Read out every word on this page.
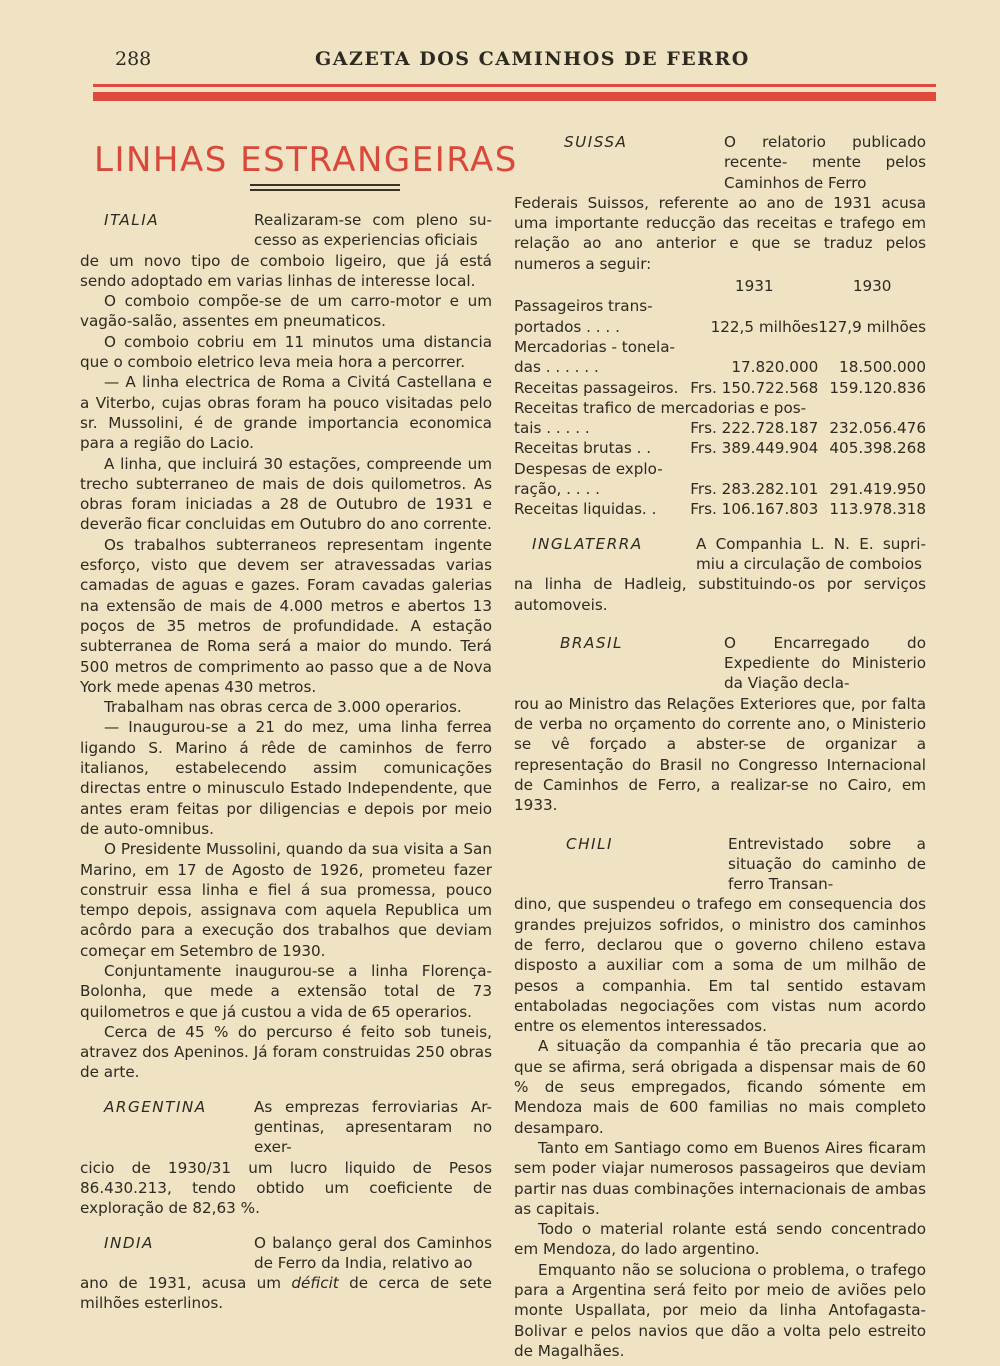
288	GAZETA DOS CAMINHOS DE FERRO
LINHAS ESTRANGEIRAS
ITALIA	Realizaram-se com pleno su- cesso as experiencias oficiais

de um novo tipo de comboio ligeiro, que já está sendo adoptado em varias linhas de interesse local.

O comboio compõe-se de um carro-motor e um vagão-salão, assentes em pneumaticos.

O comboio cobriu em 11 minutos uma distancia que o comboio eletrico leva meia hora a percorrer.

— A linha electrica de Roma a Civitá Castellana e a Viterbo, cujas obras foram ha pouco visitadas pelo sr. Mussolini, é de grande importancia economica para a região do Lacio.

A linha, que incluirá 30 estações, compreende um trecho subterraneo de mais de dois quilometros. As obras foram iniciadas a 28 de Outubro de 1931 e deverão ficar concluidas em Outubro do ano corrente.

Os trabalhos subterraneos representam ingente esforço, visto que devem ser atravessadas varias camadas de aguas e gazes. Foram cavadas galerias na extensão de mais de 4.000 metros e abertos 13 poços de 35 metros de profundidade. A estação subterranea de Roma será a maior do mundo. Terá 500 metros de comprimento ao passo que a de Nova York mede apenas 430 metros.

Trabalham nas obras cerca de 3.000 operarios.

— Inaugurou-se a 21 do mez, uma linha ferrea ligando S. Marino á rêde de caminhos de ferro italianos, estabelecendo assim comunicações directas entre o minusculo Estado Independente, que antes eram feitas por diligencias e depois por meio de auto-omnibus.

O Presidente Mussolini, quando da sua visita a San Marino, em 17 de Agosto de 1926, prometeu fazer construir essa linha e fiel á sua promessa, pouco tempo depois, assignava com aquela Republica um acôrdo para a execução dos trabalhos que deviam começar em Setembro de 1930.

Conjuntamente inaugurou-se a linha Florença-Bolonha, que mede a extensão total de 73 quilometros e que já custou a vida de 65 operarios.

Cerca de 45 % do percurso é feito sob tuneis, atravez dos Apeninos. Já foram construidas 250 obras de arte.

ARGENTINA	As emprezas ferroviarias Ar- gentinas, apresentaram no exer-

cicio de 1930/31 um lucro liquido de Pesos 86.430.213, tendo obtido um coeficiente de exploração de 82,63 %.

INDIA	O balanço geral dos Caminhos de Ferro da India, relativo ao

ano de 1931, acusa um déficit de cerca de sete milhões esterlinos.

SUISSA	O relatorio publicado recente- mente pelos Caminhos de Ferro

Federais Suissos, referente ao ano de 1931 acusa uma importante reducção das receitas e trafego em relação ao ano anterior e que se traduz pelos numeros a seguir:

	1931	1930
Passageiros trans-		
portados . . . .	122,5 milhões	127,9 milhões
Mercadorias - tonela-		
das . . . . . .	17.820.000	18.500.000
Receitas passageiros.	Frs. 150.722.568	159.120.836
Receitas trafico de mercadorias e pos-		
tais . . . . .	Frs. 222.728.187	232.056.476
Receitas brutas . .	Frs. 389.449.904	405.398.268
Despesas de explo-		
ração, . . . .	Frs. 283.282.101	291.419.950
Receitas liquidas. .	Frs. 106.167.803	113.978.318
INGLATERRA	A Companhia L. N. E. supri- miu a circulação de comboios

na linha de Hadleig, substituindo-os por serviços automoveis.

BRASIL	O Encarregado do Expediente do Ministerio da Viação decla-

rou ao Ministro das Relações Exteriores que, por falta de verba no orçamento do corrente ano, o Ministerio se vê forçado a abster-se de organizar a representação do Brasil no Congresso Internacional de Caminhos de Ferro, a realizar-se no Cairo, em 1933.

CHILI	Entrevistado sobre a situação do caminho de ferro Transan-

dino, que suspendeu o trafego em consequencia dos grandes prejuizos sofridos, o ministro dos caminhos de ferro, declarou que o governo chileno estava disposto a auxiliar com a soma de um milhão de pesos a companhia. Em tal sentido estavam entaboladas negociações com vistas num acordo entre os elementos interessados.

A situação da companhia é tão precaria que ao que se afirma, será obrigada a dispensar mais de 60 % de seus empregados, ficando sómente em Mendoza mais de 600 familias no mais completo desamparo.

Tanto em Santiago como em Buenos Aires ficaram sem poder viajar numerosos passageiros que deviam partir nas duas combinações internacionais de ambas as capitais.

Todo o material rolante está sendo concentrado em Mendoza, do lado argentino.

Emquanto não se soluciona o problema, o trafego para a Argentina será feito por meio de aviões pelo monte Uspallata, por meio da linha Antofagasta-Bolivar e pelos navios que dão a volta pelo estreito de Magalhães.
